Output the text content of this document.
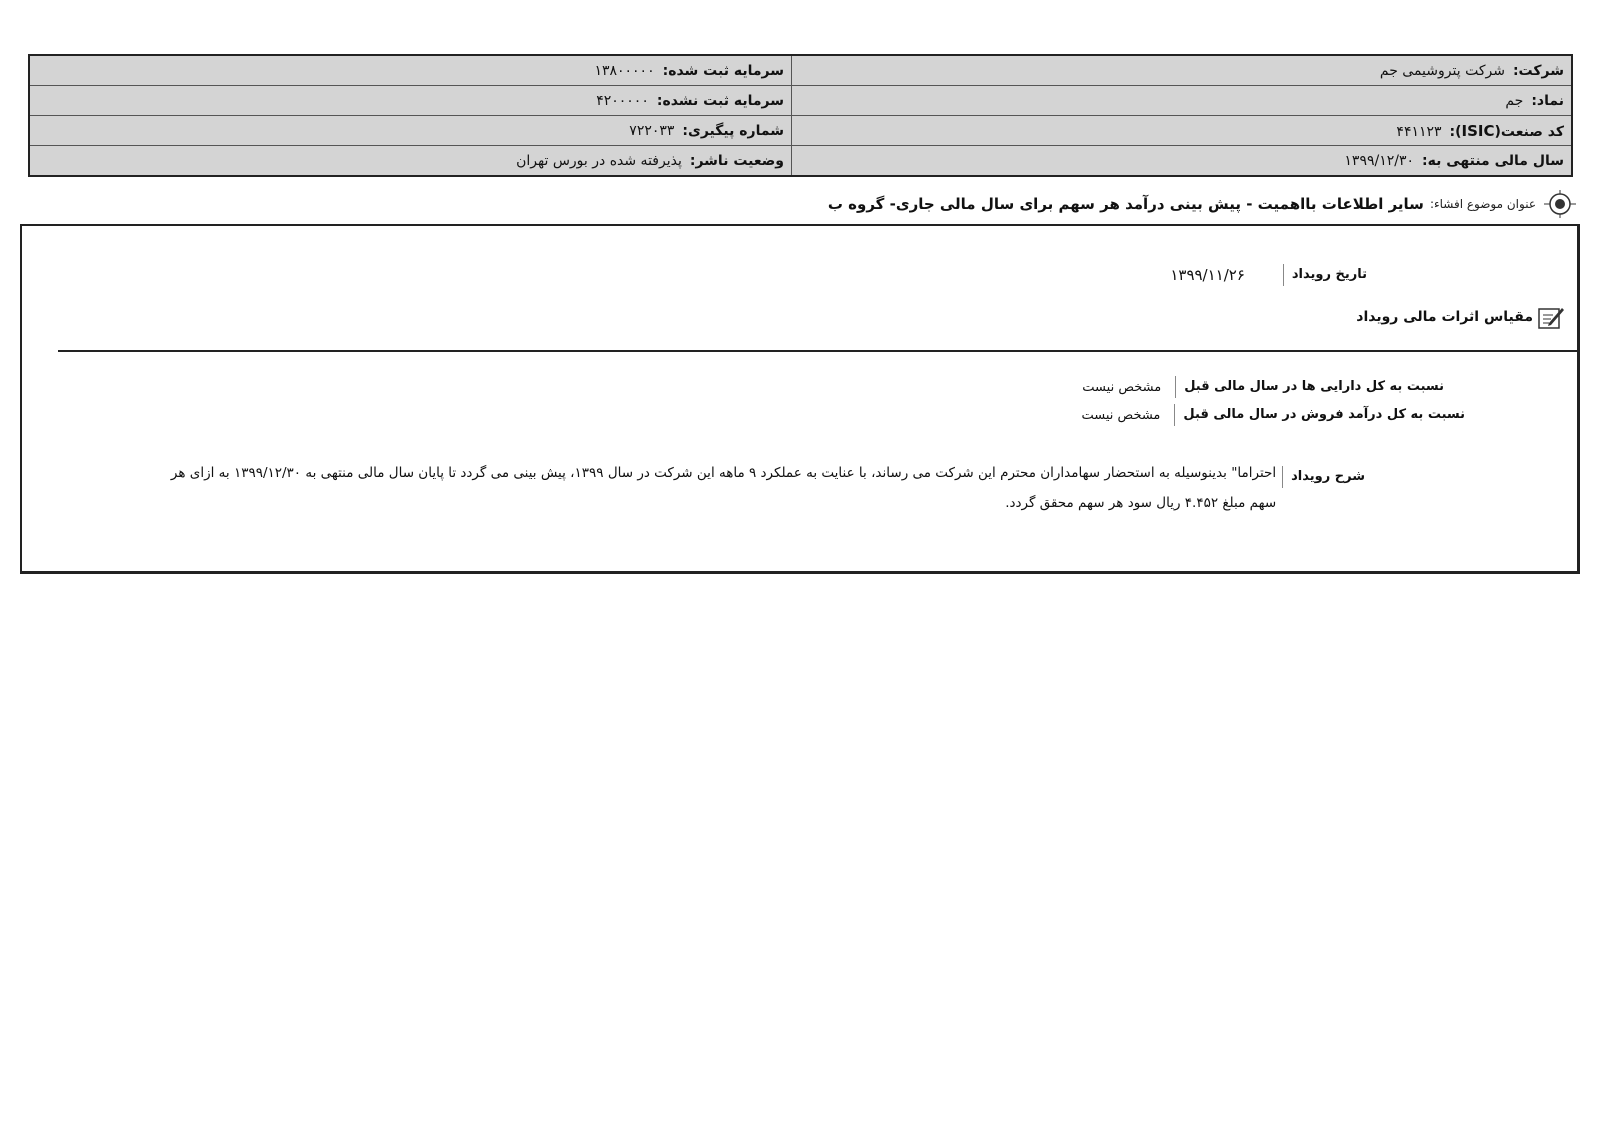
شرکت:شرکت پتروشیمی جم	سرمایه ثبت شده:۱۳۸۰۰۰۰۰
نماد:جم	سرمایه ثبت نشده:۴۲۰۰۰۰۰
کد صنعت(ISIC):۴۴۱۱۲۳	شماره پیگیری:۷۲۲۰۳۳
سال مالی منتهی به:۱۳۹۹/۱۲/۳۰	وضعیت ناشر:پذیرفته شده در بورس تهران
عنوان موضوع افشاء:
سایر اطلاعات بااهمیت - پیش بینی درآمد هر سهم برای سال مالی جاری- گروه ب
تاریخ رویداد
۱۳۹۹/۱۱/۲۶
مقیاس اثرات مالی رویداد
نسبت به کل دارایی ها در سال مالی قبل
مشخص نیست
نسبت به کل درآمد فروش در سال مالی قبل
مشخص نیست
شرح رویداد
احتراما" بدینوسیله به استحضار سهامداران محترم این شرکت می رساند، با عنایت به عملکرد ۹ ماهه این شرکت در سال ۱۳۹۹، پیش بینی می گردد تا پایان سال مالی منتهی به ۱۳۹۹/۱۲/۳۰ به ازای هر سهم مبلغ ۴.۴۵۲ ریال سود هر سهم محقق گردد.
